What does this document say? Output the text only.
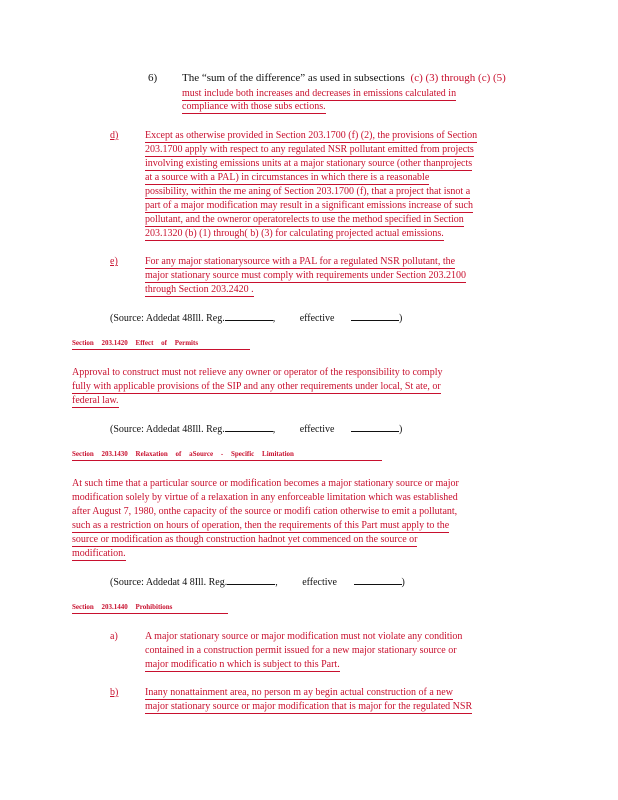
6) The “sum of the difference” as used in subsections (c) (3) through (c) (5)
must include both increases and decreases in emissions calculated in
compliance with those subs ections.
d)	Except as otherwise provided in Section 203.1700 (f) (2), the provisions of Section
203.1700 apply with respect to any regulated NSR pollutant emitted from projects
involving existing emissions units at a major stationary source (other thanprojects
at a source with a PAL) in circumstances in which there is a reasonable
possibility, within the me aning of Section 203.1700 (f), that a project that isnot a
part of a major modification may result in a significant emissions increase of such
pollutant, and the owneror operatorelects to use the method specified in Section
203.1320 (b) (1) through( b) (3) for calculating projected actual emissions.
e)	For any major stationarysource with a PAL for a regulated NSR pollutant, the
major stationary source must comply with requirements under Section 203.2100
through Section 203.2420 .
(Source: Addedat 48Ill. Reg.	, effective	)
Section 203.1420 Effect of Permits
Approval to construct must not relieve any owner or operator of the responsibility to comply
fully with applicable provisions of the SIP and any other requirements under local, St ate, or
federal law.
(Source: Addedat 48Ill. Reg.	, effective	)
Section 203.1430 Relaxation of aSource - Specific Limitation
At such time that a particular source or modification becomes a major stationary source or major
modification solely by virtue of a relaxation in any enforceable limitation which was established
after August 7, 1980, onthe capacity of the source or modifi cation otherwise to emit a pollutant,
such as a restriction on hours of operation, then the requirements of this Part must apply to the
source or modification as though construction hadnot yet commenced on the source or
modification.
(Source: Addedat 4 8Ill. Reg.	, effective	)
Section 203.1440 Prohibitions
a)	A major stationary source or major modification must not violate any condition
contained in a construction permit issued for a new major stationary source or
major modificatio n which is subject to this Part.
b)	Inany nonattainment area, no person m ay begin actual construction of a new
major stationary source or major modification that is major for the regulated NSR
